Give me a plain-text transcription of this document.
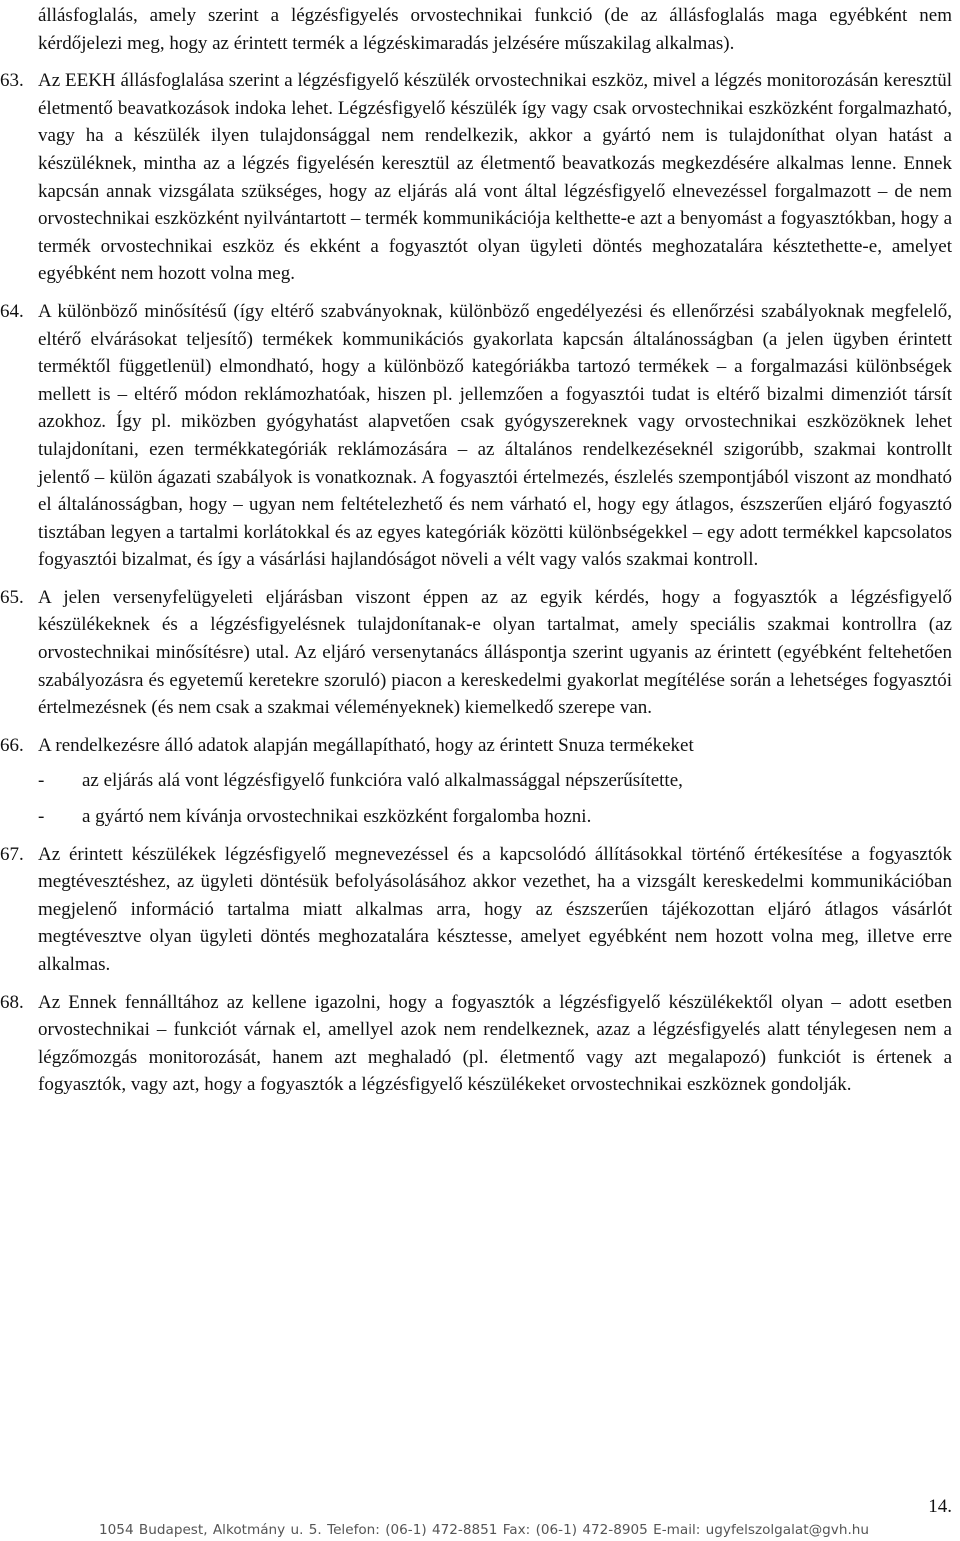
állásfoglalás, amely szerint a légzésfigyelés orvostechnikai funkció (de az állásfoglalás maga egyébként nem kérdőjelezi meg, hogy az érintett termék a légzéskimaradás jelzésére műszakilag alkalmas).

63. Az EEKH állásfoglalása szerint a légzésfigyelő készülék orvostechnikai eszköz, mivel a légzés monitorozásán keresztül életmentő beavatkozások indoka lehet. Légzésfigyelő készülék így vagy csak orvostechnikai eszközként forgalmazható, vagy ha a készülék ilyen tulajdonsággal nem rendelkezik, akkor a gyártó nem is tulajdoníthat olyan hatást a készüléknek, mintha az a légzés figyelésén keresztül az életmentő beavatkozás megkezdésére alkalmas lenne. Ennek kapcsán annak vizsgálata szükséges, hogy az eljárás alá vont által légzésfigyelő elnevezéssel forgalmazott – de nem orvostechnikai eszközként nyilvántartott – termék kommunikációja kelthette-e azt a benyomást a fogyasztókban, hogy a termék orvostechnikai eszköz és ekként a fogyasztót olyan ügyleti döntés meghozatalára késztethette-e, amelyet egyébként nem hozott volna meg.

64. A különböző minősítésű (így eltérő szabványoknak, különböző engedélyezési és ellenőrzési szabályoknak megfelelő, eltérő elvárásokat teljesítő) termékek kommunikációs gyakorlata kapcsán általánosságban (a jelen ügyben érintett terméktől függetlenül) elmondható, hogy a különböző kategóriákba tartozó termékek – a forgalmazási különbségek mellett is – eltérő módon reklámozhatóak, hiszen pl. jellemzően a fogyasztói tudat is eltérő bizalmi dimenziót társít azokhoz. Így pl. miközben gyógyhatást alapvetően csak gyógyszereknek vagy orvostechnikai eszközöknek lehet tulajdonítani, ezen termékkategóriák reklámozására – az általános rendelkezéseknél szigorúbb, szakmai kontrollt jelentő – külön ágazati szabályok is vonatkoznak. A fogyasztói értelmezés, észlelés szempontjából viszont az mondható el általánosságban, hogy – ugyan nem feltételezhető és nem várható el, hogy egy átlagos, észszerűen eljáró fogyasztó tisztában legyen a tartalmi korlátokkal és az egyes kategóriák közötti különbségekkel – egy adott termékkel kapcsolatos fogyasztói bizalmat, és így a vásárlási hajlandóságot növeli a vélt vagy valós szakmai kontroll.

65. A jelen versenyfelügyeleti eljárásban viszont éppen az az egyik kérdés, hogy a fogyasztók a légzésfigyelő készülékeknek és a légzésfigyelésnek tulajdonítanak-e olyan tartalmat, amely speciális szakmai kontrollra (az orvostechnikai minősítésre) utal. Az eljáró versenytanács álláspontja szerint ugyanis az érintett (egyébként feltehetően szabályozásra és egyetemű keretekre szoruló) piacon a kereskedelmi gyakorlat megítélése során a lehetséges fogyasztói értelmezésnek (és nem csak a szakmai véleményeknek) kiemelkedő szerepe van.

66. A rendelkezésre álló adatok alapján megállapítható, hogy az érintett Snuza termékeket

- az eljárás alá vont légzésfigyelő funkcióra való alkalmassággal népszerűsítette,
- a gyártó nem kívánja orvostechnikai eszközként forgalomba hozni.
67. Az érintett készülékek légzésfigyelő megnevezéssel és a kapcsolódó állításokkal történő értékesítése a fogyasztók megtévesztéshez, az ügyleti döntésük befolyásolásához akkor vezethet, ha a vizsgált kereskedelmi kommunikációban megjelenő információ tartalma miatt alkalmas arra, hogy az észszerűen tájékozottan eljáró átlagos vásárlót megtévesztve olyan ügyleti döntés meghozatalára késztesse, amelyet egyébként nem hozott volna meg, illetve erre alkalmas.

68. Az Ennek fennálltához az kellene igazolni, hogy a fogyasztók a légzésfigyelő készülékektől olyan – adott esetben orvostechnikai – funkciót várnak el, amellyel azok nem rendelkeznek, azaz a légzésfigyelés alatt ténylegesen nem a légzőmozgás monitorozását, hanem azt meghaladó (pl. életmentő vagy azt megalapozó) funkciót is értenek a fogyasztók, vagy azt, hogy a fogyasztók a légzésfigyelő készülékeket orvostechnikai eszköznek gondolják.

14.
1054 Budapest, Alkotmány u. 5. Telefon: (06-1) 472-8851 Fax: (06-1) 472-8905 E-mail: ugyfelszolgalat@gvh.hu
